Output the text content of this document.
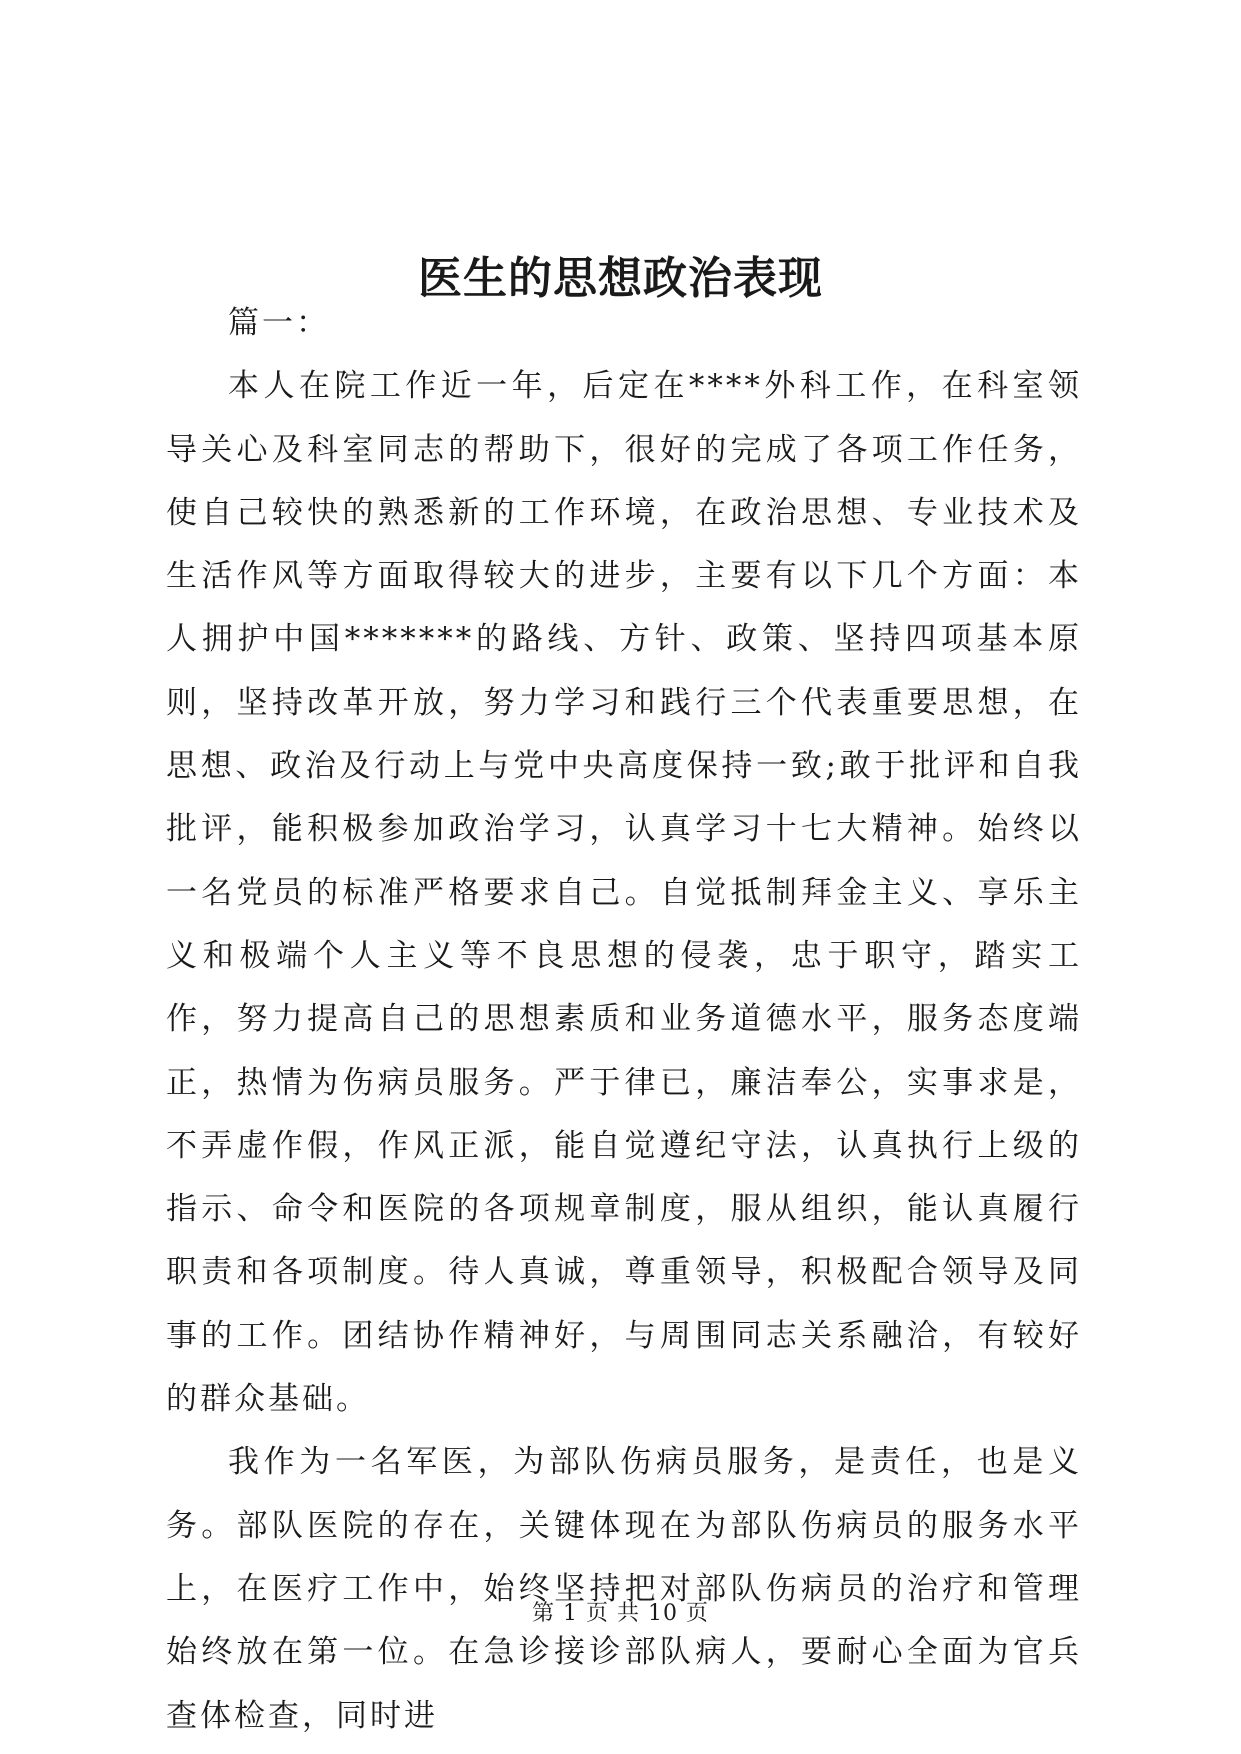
医生的思想政治表现

篇一：

本人在院工作近一年，后定在****外科工作，在科室领导关心及科室同志的帮助下，很好的完成了各项工作任务，使自己较快的熟悉新的工作环境，在政治思想、专业技术及生活作风等方面取得较大的进步，主要有以下几个方面：本人拥护中国*******的路线、方针、政策、坚持四项基本原则，坚持改革开放，努力学习和践行三个代表重要思想，在思想、政治及行动上与党中央高度保持一致;敢于批评和自我批评，能积极参加政治学习，认真学习十七大精神。始终以一名党员的标准严格要求自己。自觉抵制拜金主义、享乐主义和极端个人主义等不良思想的侵袭，忠于职守，踏实工作，努力提高自己的思想素质和业务道德水平，服务态度端正，热情为伤病员服务。严于律已，廉洁奉公，实事求是，不弄虚作假，作风正派，能自觉遵纪守法，认真执行上级的指示、命令和医院的各项规章制度，服从组织，能认真履行职责和各项制度。待人真诚，尊重领导，积极配合领导及同事的工作。团结协作精神好，与周围同志关系融洽，有较好的群众基础。

我作为一名军医，为部队伤病员服务，是责任，也是义务。部队医院的存在，关键体现在为部队伤病员的服务水平上，在医疗工作中，始终坚持把对部队伤病员的治疗和管理始终放在第一位。在急诊接诊部队病人，要耐心全面为官兵查体检查，同时进

第 1 页 共 10 页
